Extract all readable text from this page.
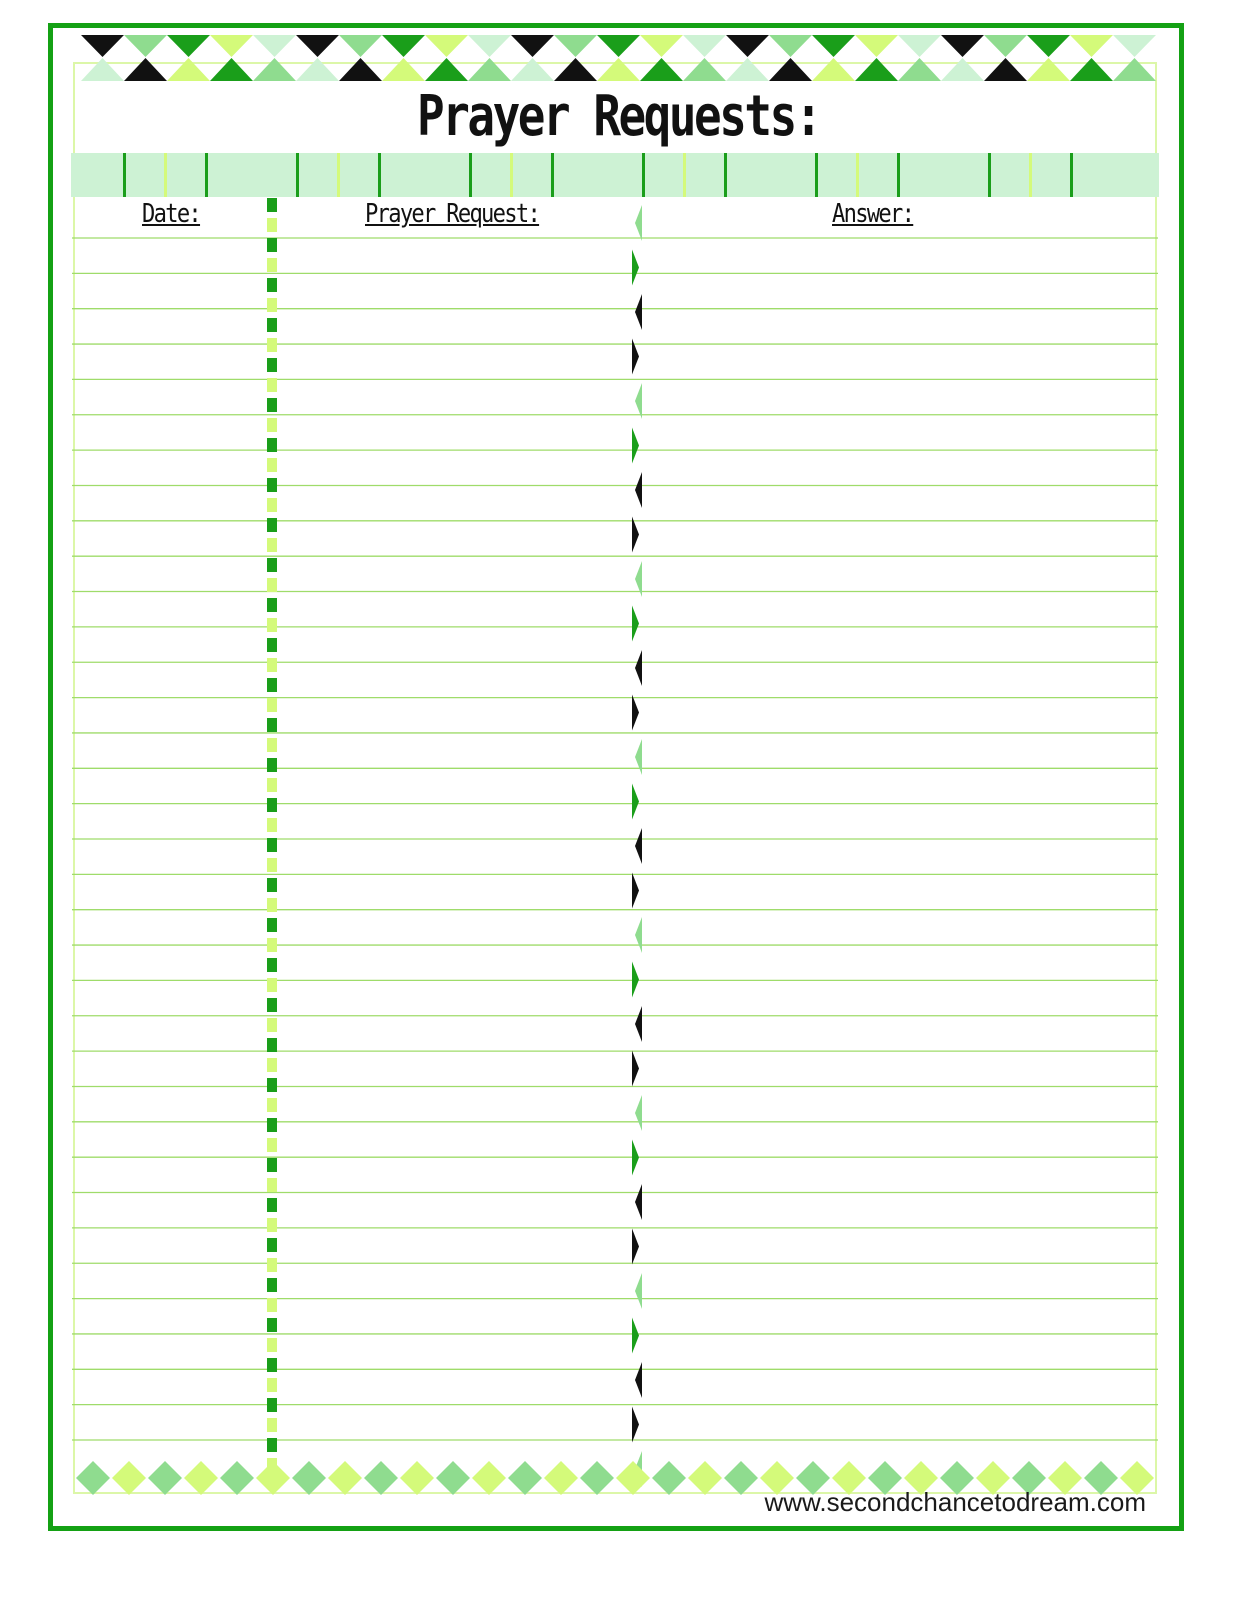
Prayer Requests:
Date:	Prayer Request:	Answer:
www.secondchancetodream.com
